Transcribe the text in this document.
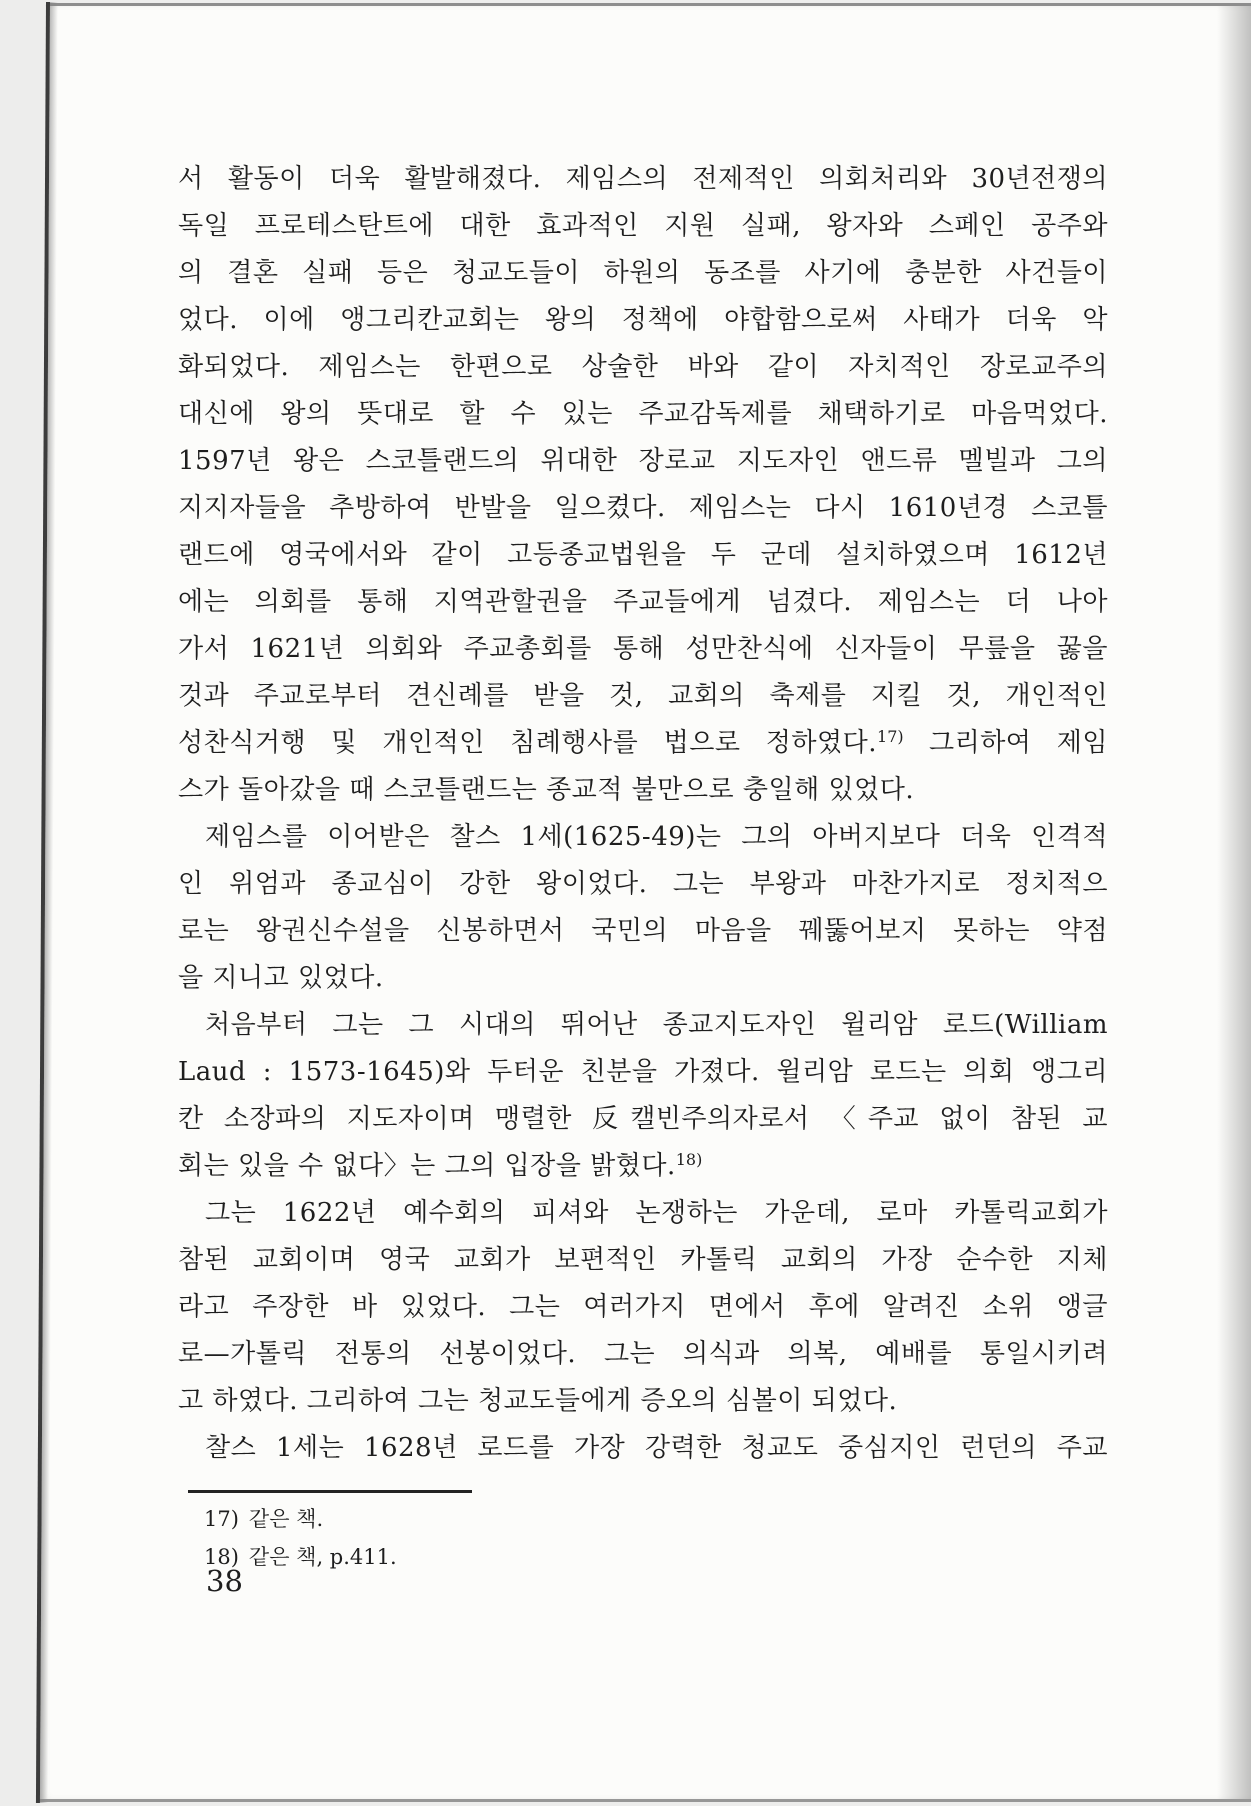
서 활동이 더욱 활발해졌다. 제임스의 전제적인 의회처리와 30년전쟁의
독일 프로테스탄트에 대한 효과적인 지원 실패, 왕자와 스페인 공주와
의 결혼 실패 등은 청교도들이 하원의 동조를 사기에 충분한 사건들이
었다. 이에 앵그리칸교회는 왕의 정책에 야합함으로써 사태가 더욱 악
화되었다. 제임스는 한편으로 상술한 바와 같이 자치적인 장로교주의
대신에 왕의 뜻대로 할 수 있는 주교감독제를 채택하기로 마음먹었다.
1597년 왕은 스코틀랜드의 위대한 장로교 지도자인 앤드류 멜빌과 그의
지지자들을 추방하여 반발을 일으켰다. 제임스는 다시 1610년경 스코틀
랜드에 영국에서와 같이 고등종교법원을 두 군데 설치하였으며 1612년
에는 의회를 통해 지역관할권을 주교들에게 넘겼다. 제임스는 더 나아
가서 1621년 의회와 주교총회를 통해 성만찬식에 신자들이 무릎을 꿇을
것과 주교로부터 견신례를 받을 것, 교회의 축제를 지킬 것, 개인적인
성찬식거행 및 개인적인 침례행사를 법으로 정하였다.$^{17)}$ 그리하여 제임
스가 돌아갔을 때 스코틀랜드는 종교적 불만으로 충일해 있었다.
제임스를 이어받은 찰스 1세(1625-49)는 그의 아버지보다 더욱 인격적
인 위엄과 종교심이 강한 왕이었다. 그는 부왕과 마찬가지로 정치적으
로는 왕권신수설을 신봉하면서 국민의 마음을 꿰뚫어보지 못하는 약점
을 지니고 있었다.
처음부터 그는 그 시대의 뛰어난 종교지도자인 윌리암 로드(William
Laud : 1573-1645)와 두터운 친분을 가졌다. 윌리암 로드는 의회 앵그리
칸 소장파의 지도자이며 맹렬한 反캘빈주의자로서 〈주교 없이 참된 교
회는 있을 수 없다〉는 그의 입장을 밝혔다.$^{18)}$
그는 1622년 예수회의 피셔와 논쟁하는 가운데, 로마 카톨릭교회가
참된 교회이며 영국 교회가 보편적인 카톨릭 교회의 가장 순수한 지체
라고 주장한 바 있었다. 그는 여러가지 면에서 후에 알려진 소위 앵글
로—가톨릭 전통의 선봉이었다. 그는 의식과 의복, 예배를 통일시키려
고 하였다. 그리하여 그는 청교도들에게 증오의 심볼이 되었다.
찰스 1세는 1628년 로드를 가장 강력한 청교도 중심지인 런던의 주교
17) 같은 책.
18) 같은 책, p.411.
38
